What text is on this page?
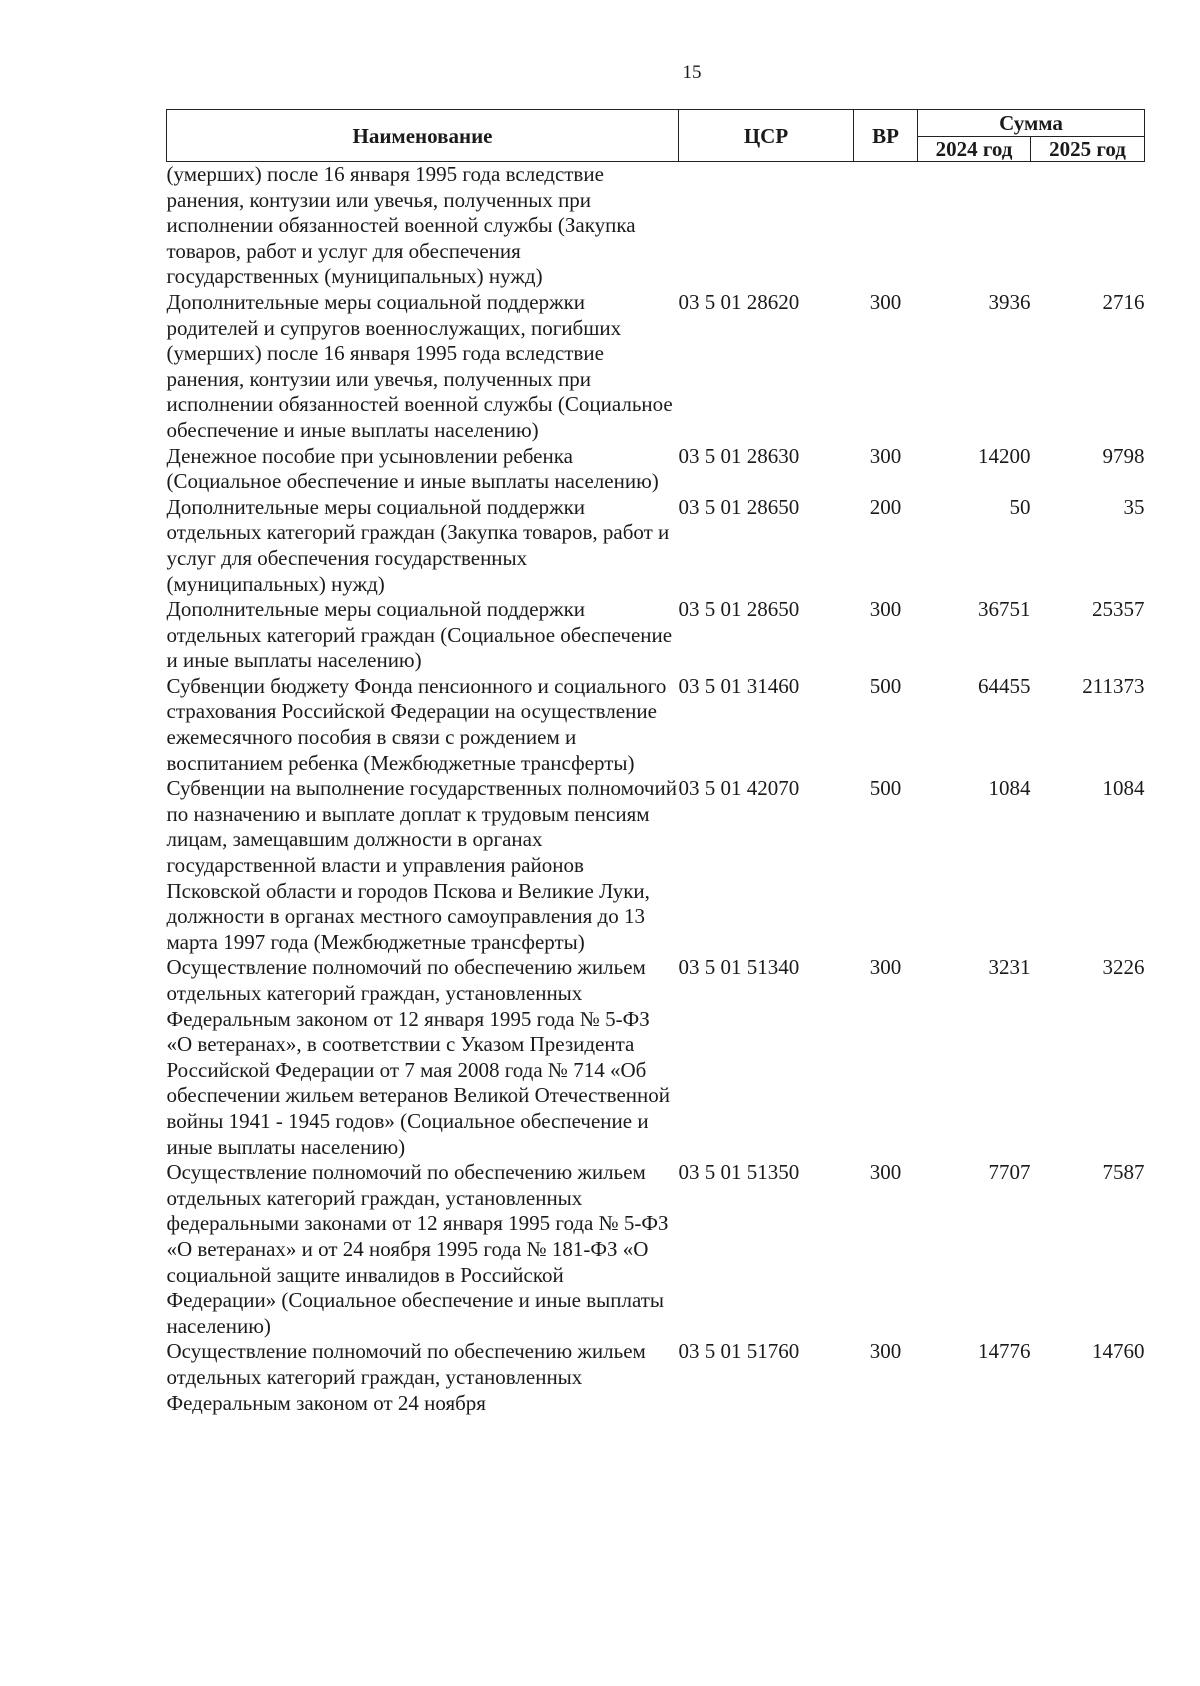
15
Наименование	ЦСР	ВР	Сумма	
			2024 год	2025 год
(умерших) после 16 января 1995 года вследствие ранения, контузии или увечья, полученных при исполнении обязанностей военной службы (Закупка товаров, работ и услуг для обеспечения государственных (муниципальных) нужд)				
Дополнительные меры социальной поддержки родителей и супругов военнослужащих, погибших (умерших) после 16 января 1995 года вследствие ранения, контузии или увечья, полученных при исполнении обязанностей военной службы (Социальное обеспечение и иные выплаты населению)	03 5 01 28620	300	3936	2716
Денежное пособие при усыновлении ребенка (Социальное обеспечение и иные выплаты населению)	03 5 01 28630	300	14200	9798
Дополнительные меры социальной поддержки отдельных категорий граждан (Закупка товаров, работ и услуг для обеспечения государственных (муниципальных) нужд)	03 5 01 28650	200	50	35
Дополнительные меры социальной поддержки отдельных категорий граждан (Социальное обеспечение и иные выплаты населению)	03 5 01 28650	300	36751	25357
Субвенции бюджету Фонда пенсионного и социального страхования Российской Федерации на осуществление ежемесячного пособия в связи с рождением и воспитанием ребенка (Межбюджетные трансферты)	03 5 01 31460	500	64455	211373
Субвенции на выполнение государственных полномочий по назначению и выплате доплат к трудовым пенсиям лицам, замещавшим должности в органах государственной власти и управления районов Псковской области и городов Пскова и Великие Луки, должности в органах местного самоуправления до 13 марта 1997 года (Межбюджетные трансферты)	03 5 01 42070	500	1084	1084
Осуществление полномочий по обеспечению жильем отдельных категорий граждан, установленных Федеральным законом от 12 января 1995 года № 5-ФЗ «О ветеранах», в соответствии с Указом Президента Российской Федерации от 7 мая 2008 года № 714 «Об обеспечении жильем ветеранов Великой Отечественной войны 1941 - 1945 годов» (Социальное обеспечение и иные выплаты населению)	03 5 01 51340	300	3231	3226
Осуществление полномочий по обеспечению жильем отдельных категорий граждан, установленных федеральными законами от 12 января 1995 года № 5-ФЗ «О ветеранах» и от 24 ноября 1995 года № 181-ФЗ «О социальной защите инвалидов в Российской Федерации» (Социальное обеспечение и иные выплаты населению)	03 5 01 51350	300	7707	7587
Осуществление полномочий по обеспечению жильем отдельных категорий граждан, установленных Федеральным законом от 24 ноября	03 5 01 51760	300	14776	14760
